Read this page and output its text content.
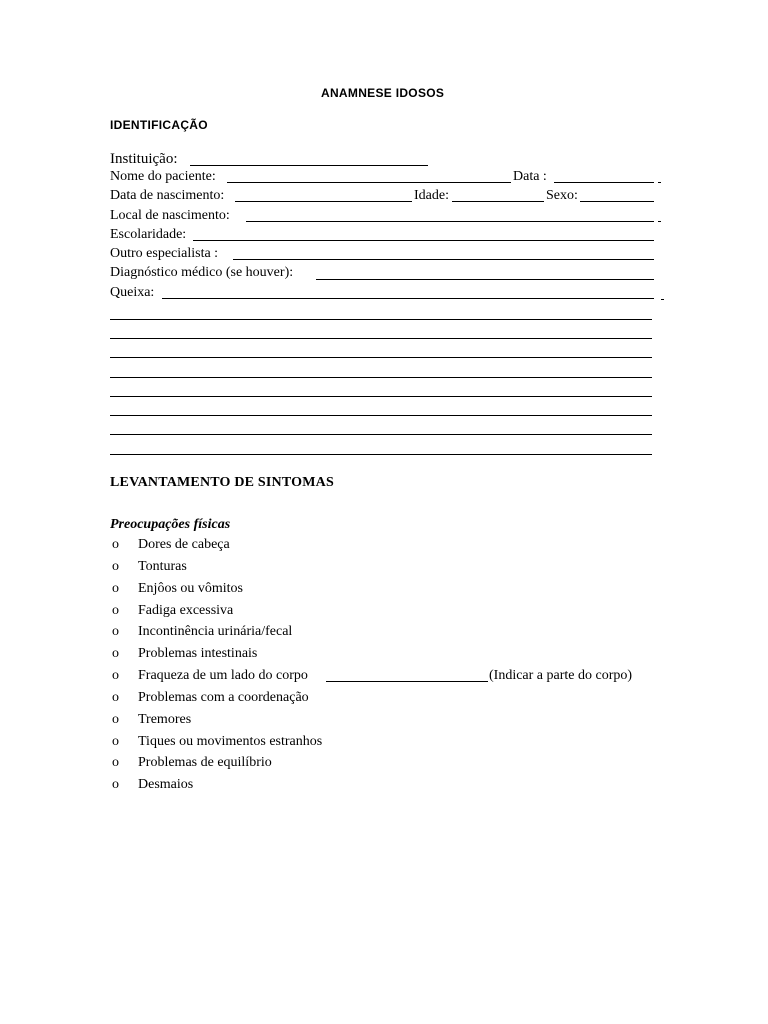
ANAMNESE IDOSOS
IDENTIFICAÇÃO
Instituição:
Nome do paciente:	Data :
Data de nascimento:	Idade:	Sexo:
Local de nascimento:
Escolaridade:
Outro especialista :
Diagnóstico médico (se houver):
Queixa:
LEVANTAMENTO DE SINTOMAS
Preocupações físicas
o Dores de cabeça
o Tonturas
o Enjôos ou vômitos
o Fadiga excessiva
o Incontinência urinária/fecal
o Problemas intestinais
o Fraqueza de um lado do corpo	(Indicar a parte do corpo)
o Problemas com a coordenação
o Tremores
o Tiques ou movimentos estranhos
o Problemas de equilíbrio
o Desmaios
